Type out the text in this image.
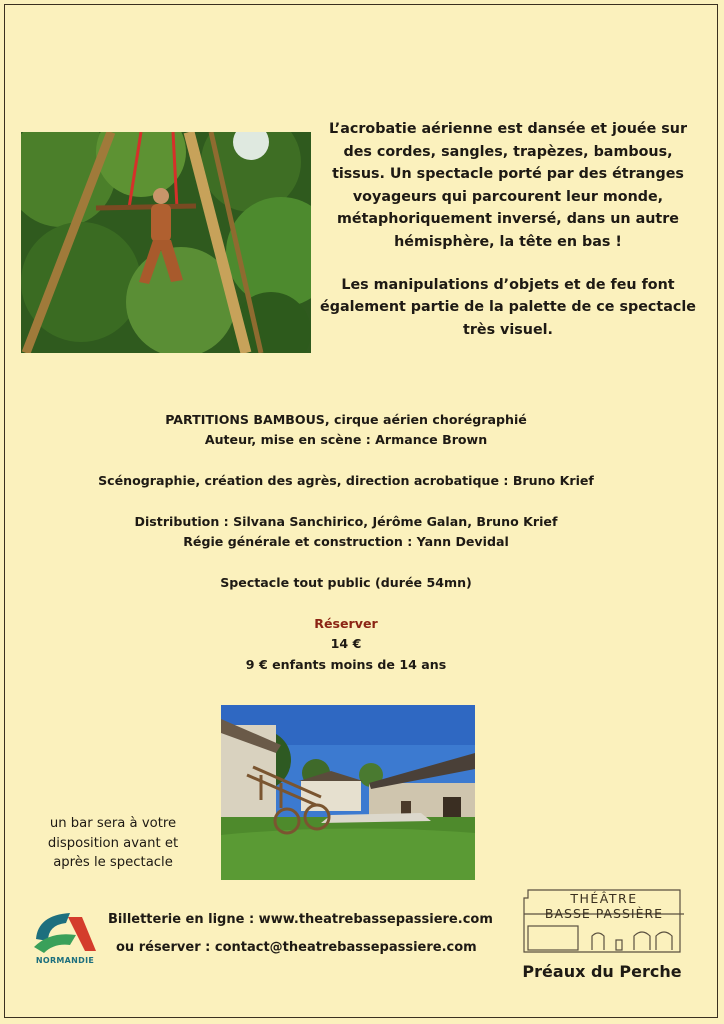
L’acrobatie aérienne est dansée et jouée sur des cordes, sangles, trapèzes, bambous, tissus. Un spectacle porté par des étranges voyageurs qui parcourent leur monde, métaphoriquement inversé, dans un autre hémisphère, la tête en bas !

Les manipulations d’objets et de feu font également partie de la palette de ce spectacle très visuel.

PARTITIONS BAMBOUS, cirque aérien chorégraphié
Auteur, mise en scène : Armance Brown
Scénographie, création des agrès, direction acrobatique : Bruno Krief
Distribution : Silvana Sanchirico, Jérôme Galan, Bruno Krief
Régie générale et construction : Yann Devidal
Spectacle tout public (durée 54mn)
Réserver
14 €
9 € enfants moins de 14 ans
un bar sera à votre
disposition avant et
après le spectacle
NORMANDIE
Billetterie en ligne : www.theatrebassepassiere.com
ou réserver : contact@theatrebassepassiere.com
THÉÂTRE
BASSE PASSIÈRE
Préaux du Perche
